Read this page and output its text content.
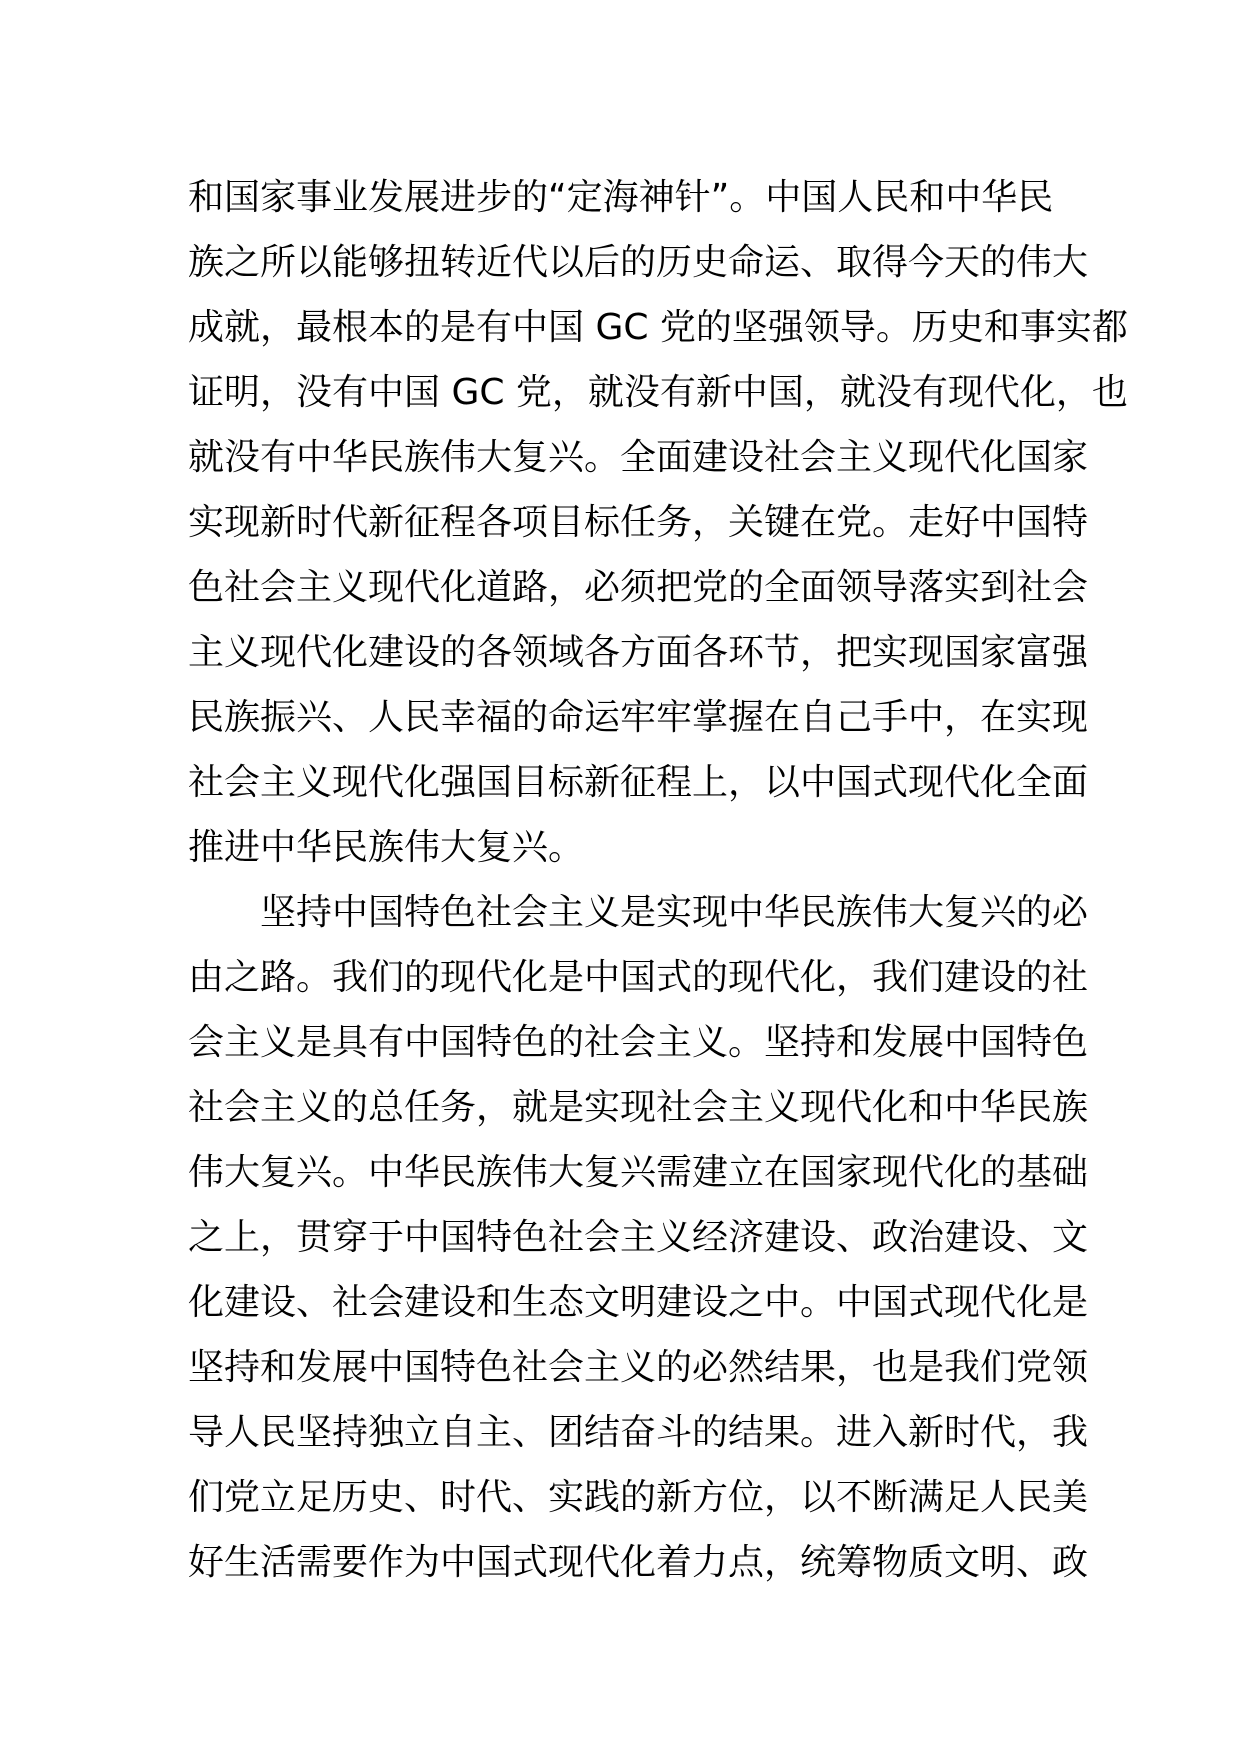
和国家事业发展进步的“定海神针”。中国人民和中华民
族之所以能够扭转近代以后的历史命运、取得今天的伟大
成就，最根本的是有中国 GC 党的坚强领导。历史和事实都
证明，没有中国 GC 党，就没有新中国，就没有现代化，也
就没有中华民族伟大复兴。全面建设社会主义现代化国家
实现新时代新征程各项目标任务，关键在党。走好中国特
色社会主义现代化道路，必须把党的全面领导落实到社会
主义现代化建设的各领域各方面各环节，把实现国家富强
民族振兴、人民幸福的命运牢牢掌握在自己手中，在实现
社会主义现代化强国目标新征程上，以中国式现代化全面
推进中华民族伟大复兴。
坚持中国特色社会主义是实现中华民族伟大复兴的必
由之路。我们的现代化是中国式的现代化，我们建设的社
会主义是具有中国特色的社会主义。坚持和发展中国特色
社会主义的总任务，就是实现社会主义现代化和中华民族
伟大复兴。中华民族伟大复兴需建立在国家现代化的基础
之上，贯穿于中国特色社会主义经济建设、政治建设、文
化建设、社会建设和生态文明建设之中。中国式现代化是
坚持和发展中国特色社会主义的必然结果，也是我们党领
导人民坚持独立自主、团结奋斗的结果。进入新时代，我
们党立足历史、时代、实践的新方位，以不断满足人民美
好生活需要作为中国式现代化着力点，统筹物质文明、政
